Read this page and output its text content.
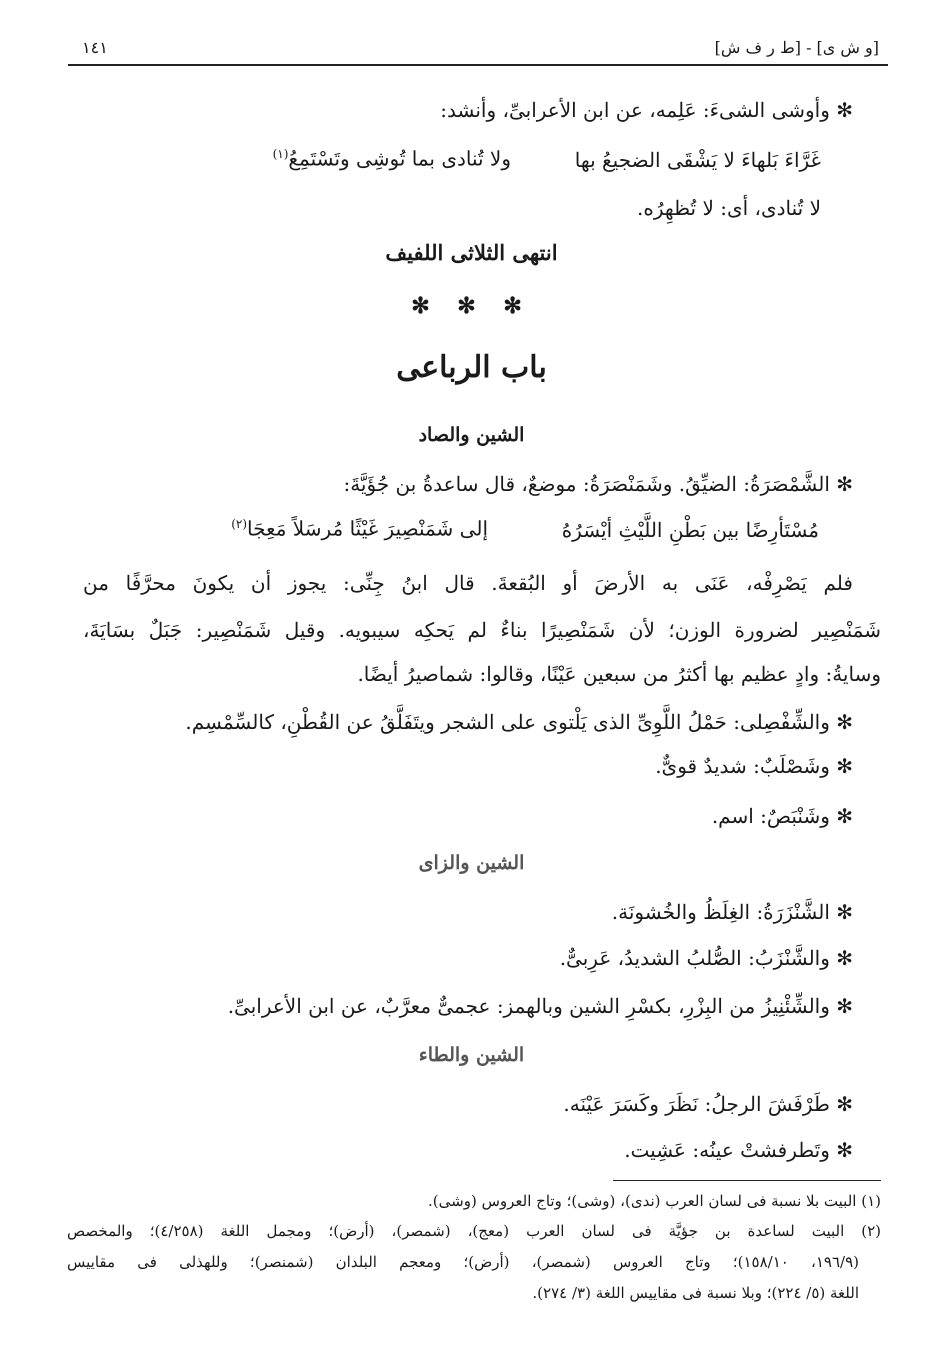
[و ش ى] - [ط ر ف ش]
١٤١
✻ وأوشى الشىءَ: عَلِمه، عن ابن الأعرابىِّ، وأنشد:
غَرَّاءَ بَلهاءَ لا يَشْقَى الضجيعُ بها
ولا تُنادى بما تُوشِى وتَسْتَمِعُ$^{(١)}$
لا تُنادى، أى: لا تُظهِرُه.
انتهى الثلاثى اللفيف
✻ ✻ ✻
باب الرباعى
الشين والصاد
✻ الشَّمْصَرَةُ: الضيِّقُ. وشَمَنْصَرَةُ: موضعٌ، قال ساعدةُ بن جُؤَيَّةَ:
مُسْتَأرِضًا بين بَطْنِ اللَّيْثِ أيْسَرُهُ
إلى شَمَنْصِيرَ غَيْثًا مُرسَلاً مَعِجَا$^{(٢)}$
فلم يَصْرِفْه، عَنَى به الأرضَ أو البُقعةَ. قال ابنُ جِنِّى: يجوز أن يكونَ محرَّفًا من
شَمَنْصِير لضرورة الوزن؛ لأن شَمَنْصِيرًا بناءٌ لم يَحكِه سيبويه. وقيل شَمَنْصِير: جَبَلٌ بسَايَةَ،
وسايةُ: وادٍ عظيم بها أكثرُ من سبعين عَيْنًا، وقالوا: شماصيرُ أيضًا.
✻ والشِّفْصِلى: حَمْلُ اللَّوِىِّ الذى يَلْتوى على الشجر ويتَفَلَّقُ عن القُطْنِ، كالسِّمْسِم.
✻ وشَصْلَبٌ: شديدٌ قوىٌّ.
✻ وشَنْبَصٌ: اسم.
الشين والزاى
✻ الشَّنْزَرَةُ: الغِلَظُ والخُشونَة.
✻ والشَّنْزَبُ: الصُّلبُ الشديدُ، عَرِبىٌّ.
✻ والشِّئْنِيزُ من البِزْرِ، بكسْرِ الشين وبالهمز: عجمىٌّ معرَّبٌ، عن ابن الأعرابىِّ.
الشين والطاء
✻ طَرْفَشَ الرجلُ: نَظَرَ وكَسَرَ عَيْنَه.
✻ وتَطرفشتْ عينُه: عَشِيت.
(١) البيت بلا نسبة فى لسان العرب (ندى)، (وشى)؛ وتاج العروس (وشى).
(٢) البيت لساعدة بن جؤيَّة فى لسان العرب (معج)، (شمصر)، (أرض)؛ ومجمل اللغة (٤/٢٥٨)؛ والمخصص
(١٩٦/٩، ١٥٨/١٠)؛ وتاج العروس (شمصر)، (أرض)؛ ومعجم البلدان (شمنصر)؛ وللهذلى فى مقاييس
اللغة (٥/ ٢٢٤)؛ وبلا نسبة فى مقاييس اللغة (٣/ ٢٧٤).
